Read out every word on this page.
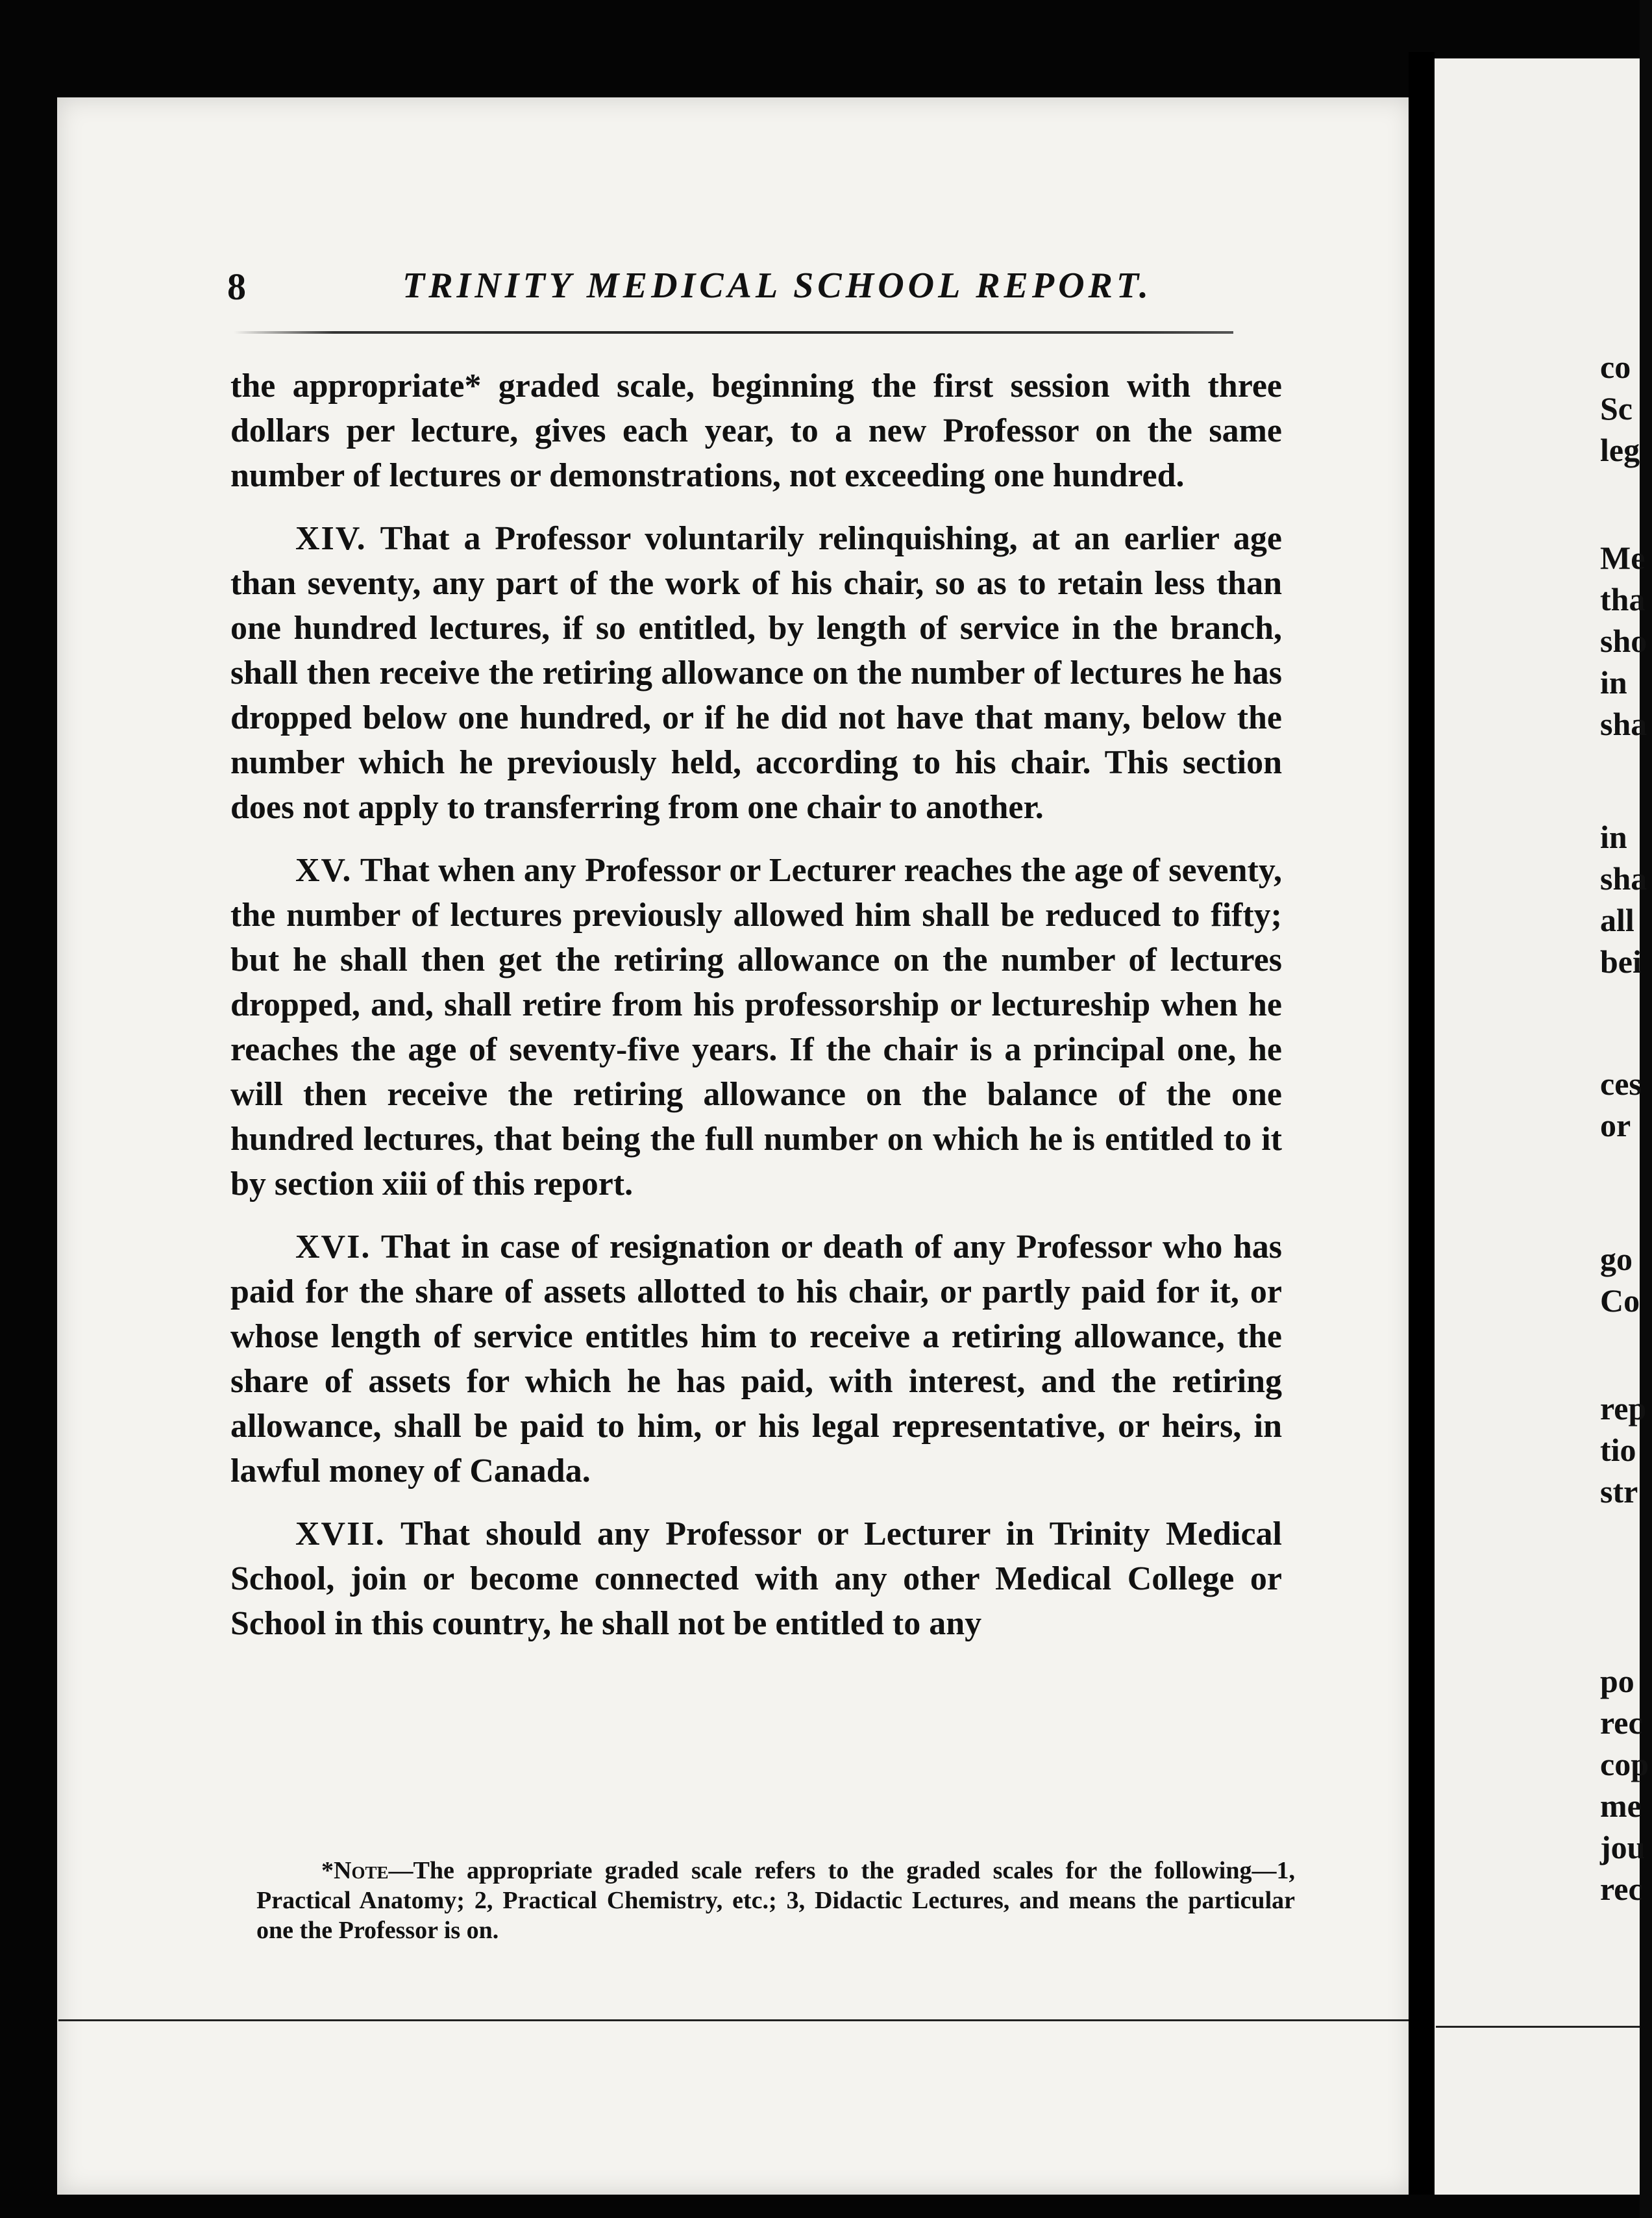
8	TRINITY MEDICAL SCHOOL REPORT.

the appropriate* graded scale, beginning the first session with three dollars per lecture, gives each year, to a new Professor on the same number of lectures or demonstrations, not exceeding one hundred.

XIV. That a Professor voluntarily relinquishing, at an earlier age than seventy, any part of the work of his chair, so as to retain less than one hundred lectures, if so entitled, by length of service in the branch, shall then receive the retiring allowance on the number of lectures he has dropped below one hundred, or if he did not have that many, below the number which he previously held, according to his chair. This section does not apply to transferring from one chair to another.

XV. That when any Professor or Lecturer reaches the age of seventy, the number of lectures previously allowed him shall be reduced to fifty; but he shall then get the retiring allowance on the number of lectures dropped, and, shall retire from his professorship or lectureship when he reaches the age of seventy-five years. If the chair is a principal one, he will then receive the retiring allowance on the balance of the one hundred lectures, that being the full number on which he is entitled to it by section xiii of this report.

XVI. That in case of resignation or death of any Professor who has paid for the share of assets allotted to his chair, or partly paid for it, or whose length of service entitles him to receive a retiring allowance, the share of assets for which he has paid, with interest, and the retiring allowance, shall be paid to him, or his legal representative, or heirs, in lawful money of Canada.

XVII. That should any Professor or Lecturer in Trinity Medical School, join or become connected with any other Medical College or School in this country, he shall not be entitled to any

*Note—The appropriate graded scale refers to the graded scales for the following—1, Practical Anatomy; 2, Practical Chemistry, etc.; 3, Didactic Lectures, and means the particular one the Professor is on.
co
Sc
leg
Me
tha
sho
in
sha
in
sha
all
bei
ces
or
go
Co
rep
tio
str
po
rec
cop
me
jou
rec
